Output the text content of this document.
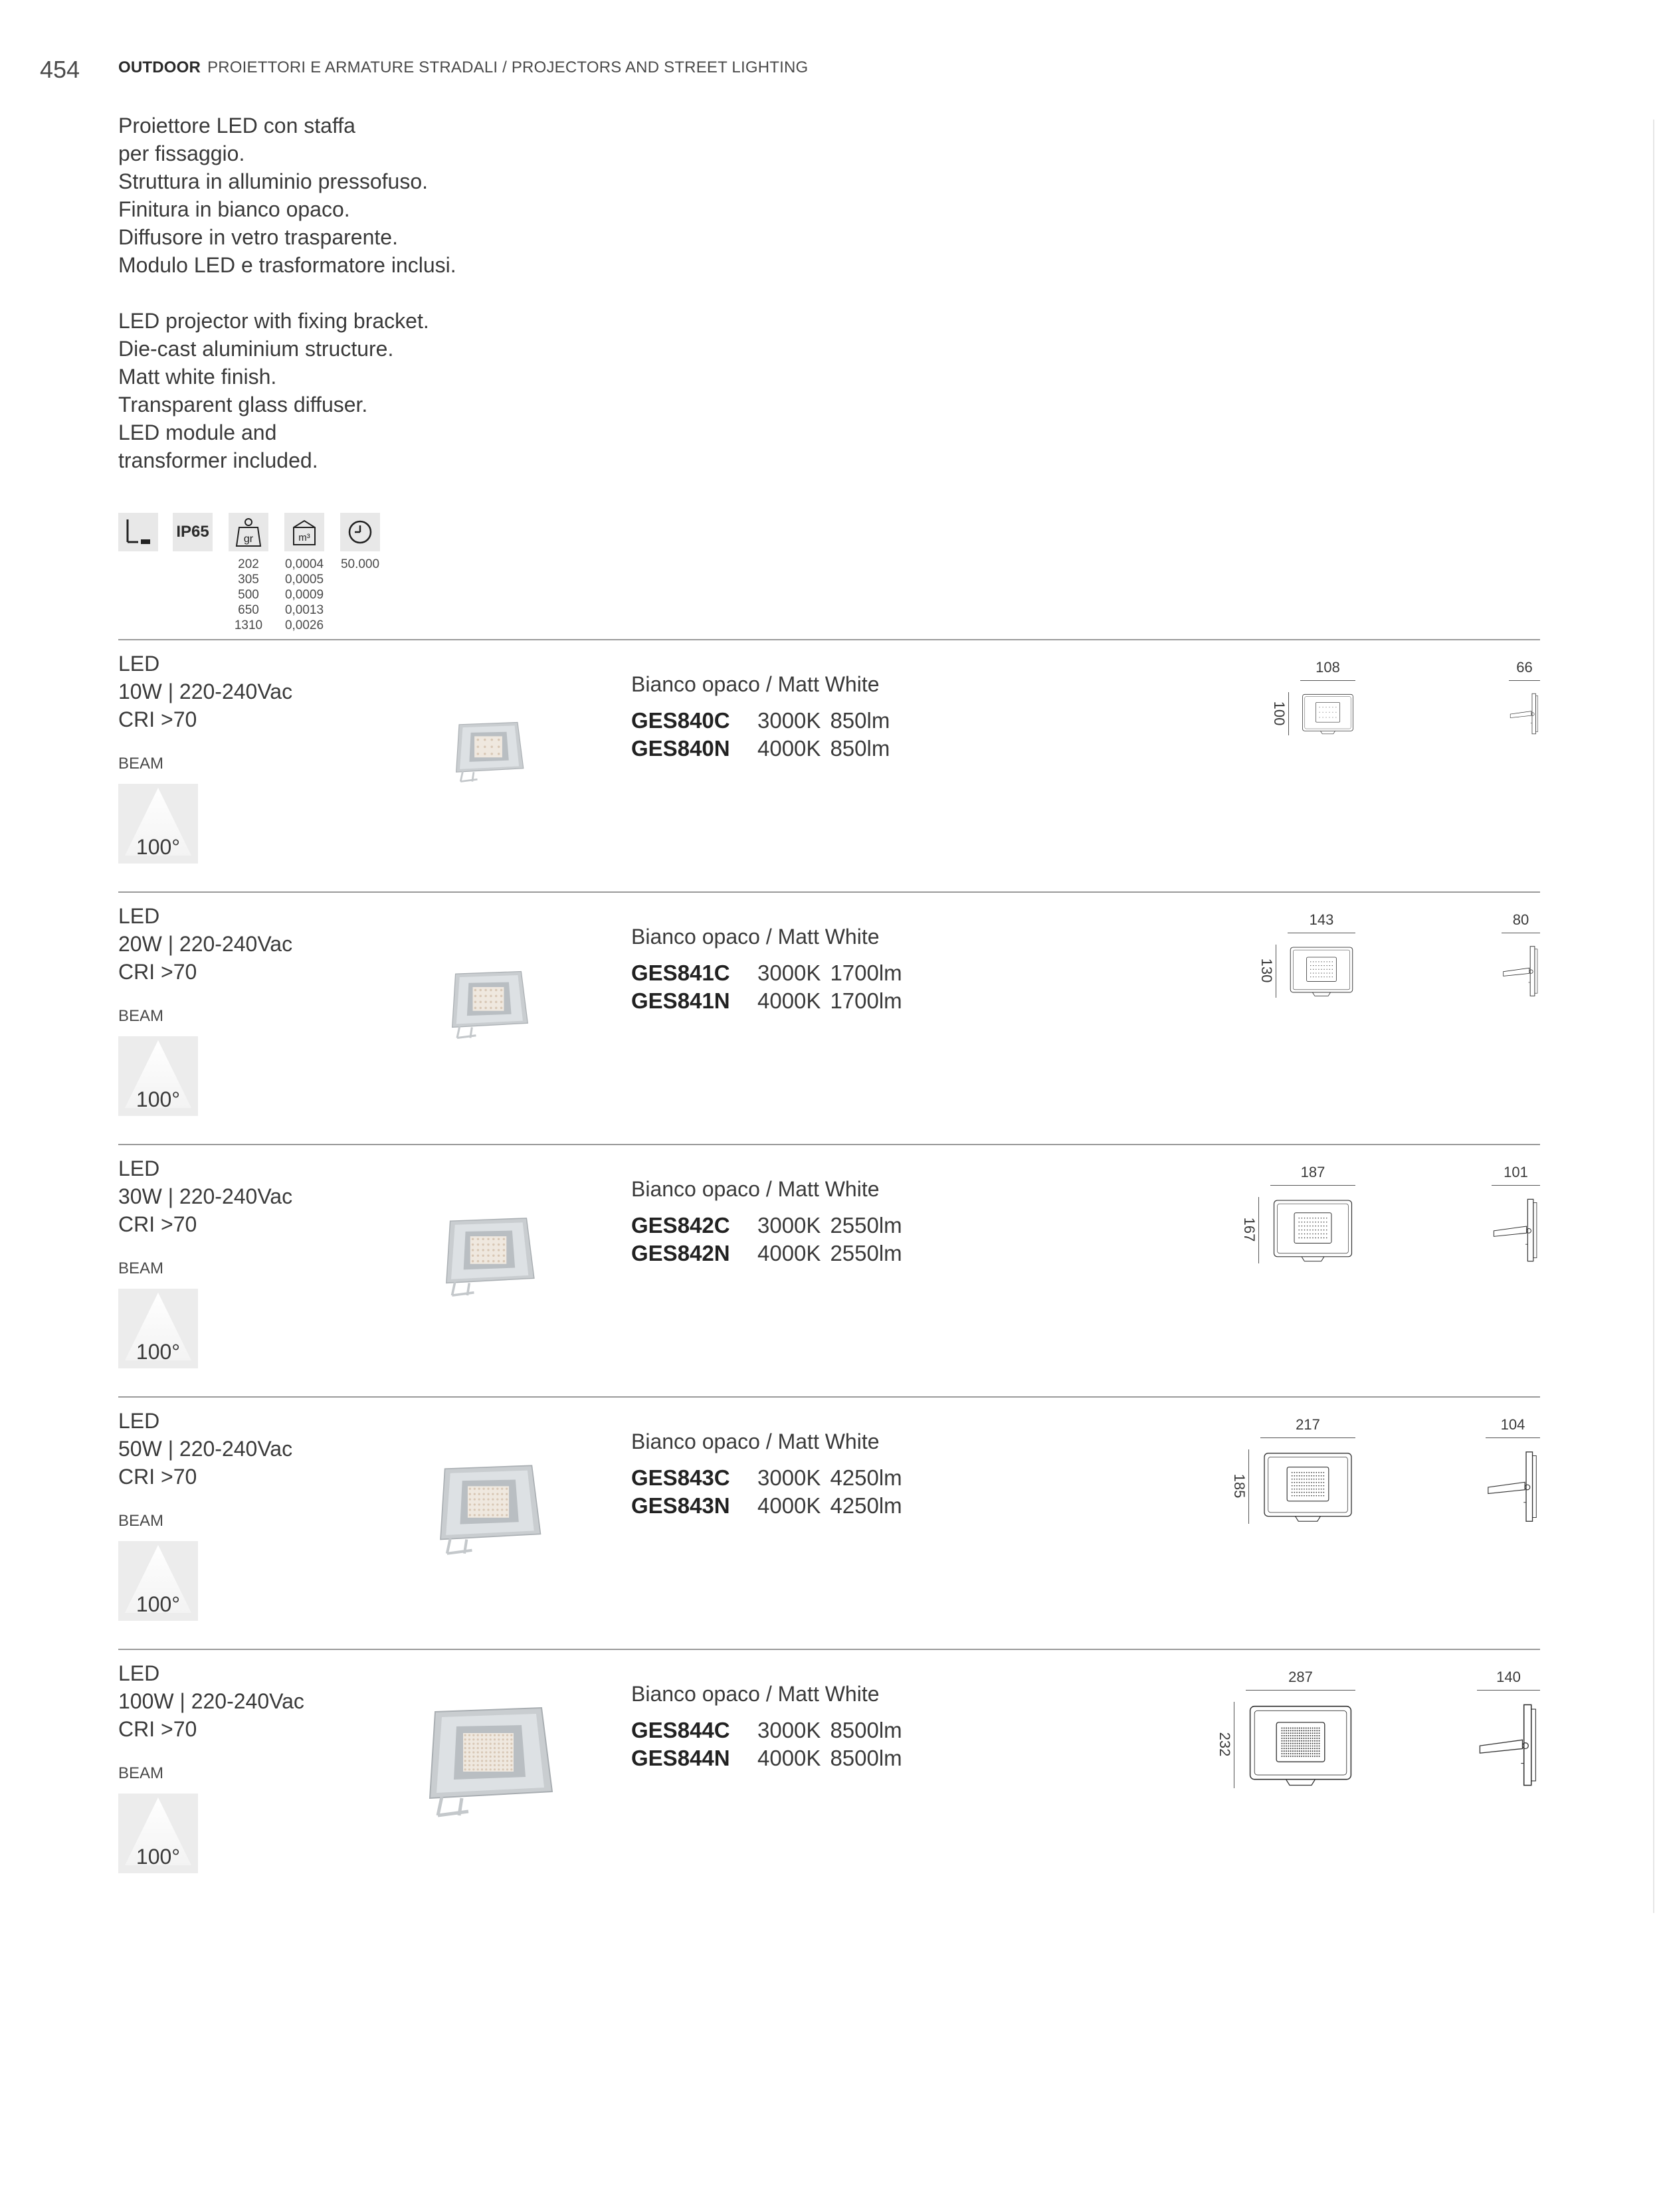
454 OUTDOOR PROIETTORI E ARMATURE STRADALI / PROJECTORS AND STREET LIGHTING
Proiettore LED con staffa
per fissaggio.
Struttura in alluminio pressofuso.
Finitura in bianco opaco.
Diffusore in vetro trasparente.
Modulo LED e trasformatore inclusi.
LED projector with fixing bracket.
Die-cast aluminium structure.
Matt white finish.
Transparent glass diffuser.
LED module and
transformer included.
IP65	gr	m³
202
305
500
650
1310
0,0004
0,0005
0,0009
0,0013
0,0026
50.000
LED
10W | 220-240Vac
CRI >70
BEAM
100°
Bianco opaco / Matt White
GES840C 3000K 850lm
GES840N 4000K 850lm
108
100
66
LED
20W | 220-240Vac
CRI >70
BEAM
100°
Bianco opaco / Matt White
GES841C 3000K 1700lm
GES841N 4000K 1700lm
143
130
80
LED
30W | 220-240Vac
CRI >70
BEAM
100°
Bianco opaco / Matt White
GES842C 3000K 2550lm
GES842N 4000K 2550lm
187
167
101
LED
50W | 220-240Vac
CRI >70
BEAM
100°
Bianco opaco / Matt White
GES843C 3000K 4250lm
GES843N 4000K 4250lm
217
185
104
LED
100W | 220-240Vac
CRI >70
BEAM
100°
Bianco opaco / Matt White
GES844C 3000K 8500lm
GES844N 4000K 8500lm
287
232
140
